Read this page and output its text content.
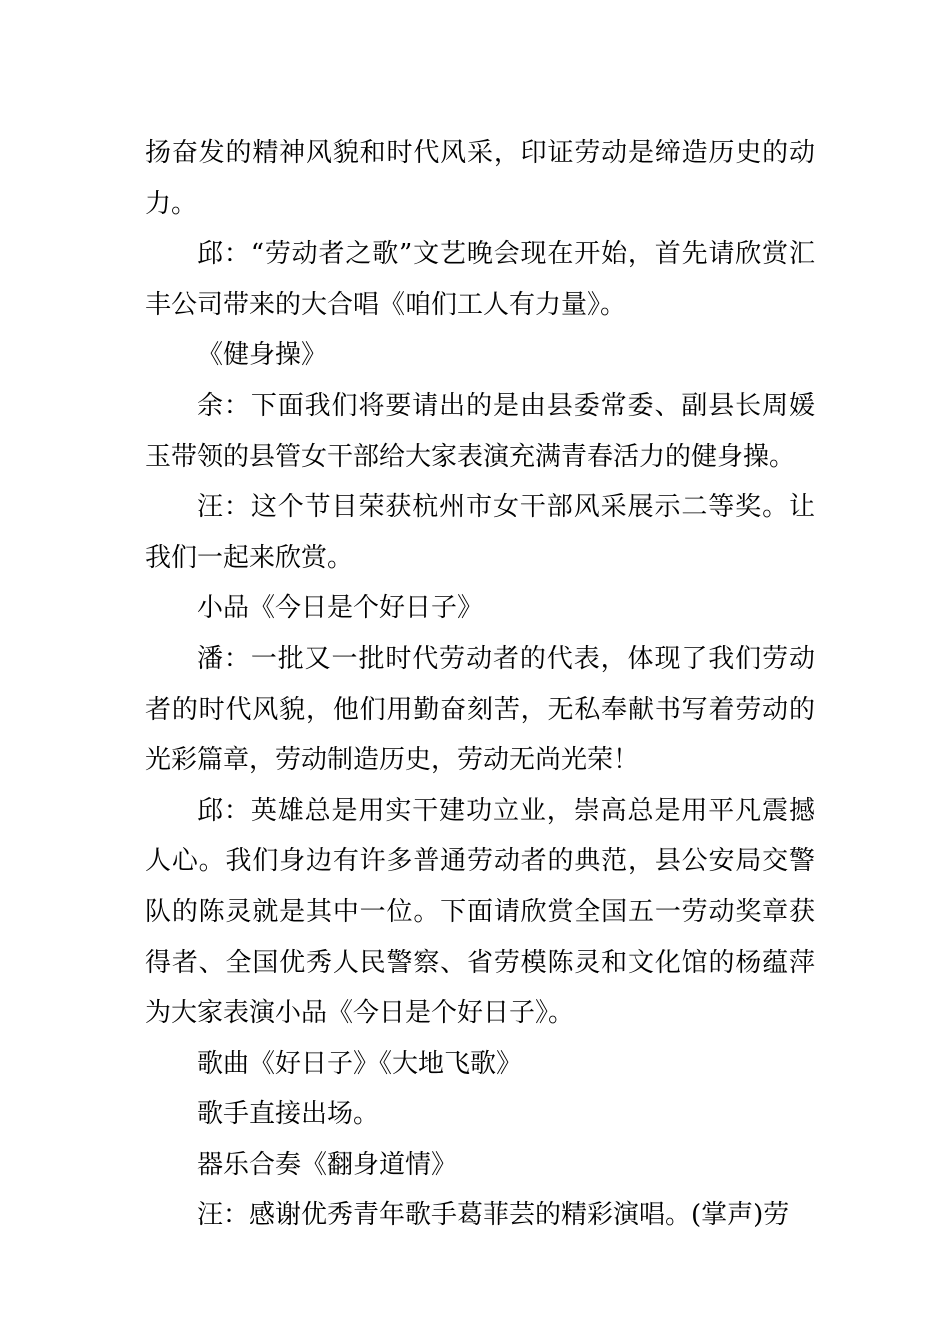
扬奋发的精神风貌和时代风采，印证劳动是缔造历史的动力。

邱：“劳动者之歌”文艺晚会现在开始，首先请欣赏汇丰公司带来的大合唱《咱们工人有力量》。

《健身操》

余：下面我们将要请出的是由县委常委、副县长周媛玉带领的县管女干部给大家表演充满青春活力的健身操。

汪：这个节目荣获杭州市女干部风采展示二等奖。让我们一起来欣赏。

小品《今日是个好日子》

潘：一批又一批时代劳动者的代表，体现了我们劳动者的时代风貌，他们用勤奋刻苦，无私奉献书写着劳动的光彩篇章，劳动制造历史，劳动无尚光荣！

邱：英雄总是用实干建功立业，崇高总是用平凡震撼人心。我们身边有许多普通劳动者的典范，县公安局交警队的陈灵就是其中一位。下面请欣赏全国五一劳动奖章获得者、全国优秀人民警察、省劳模陈灵和文化馆的杨蕴萍为大家表演小品《今日是个好日子》。

歌曲《好日子》《大地飞歌》

歌手直接出场。

器乐合奏《翻身道情》

汪：感谢优秀青年歌手葛菲芸的精彩演唱。(掌声)劳
